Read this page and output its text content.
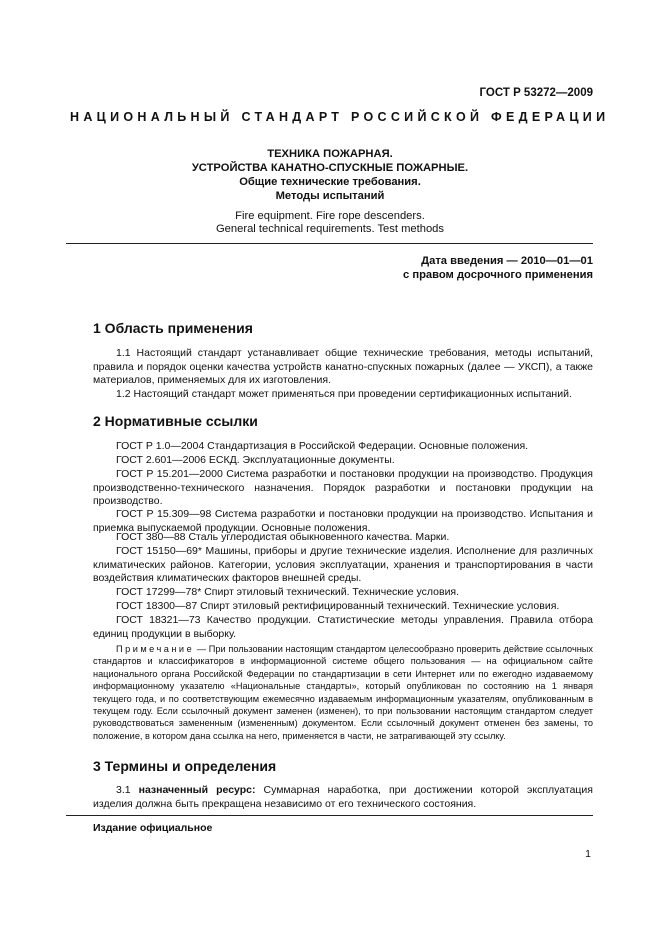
ГОСТ Р 53272—2009
НАЦИОНАЛЬНЫЙ СТАНДАРТ РОССИЙСКОЙ ФЕДЕРАЦИИ
ТЕХНИКА ПОЖАРНАЯ.
УСТРОЙСТВА КАНАТНО-СПУСКНЫЕ ПОЖАРНЫЕ.
Общие технические требования.
Методы испытаний
Fire equipment. Fire rope descenders.
General technical requirements. Test methods
Дата введения — 2010—01—01
с правом досрочного применения
1 Область применения

1.1 Настоящий стандарт устанавливает общие технические требования, методы испытаний, правила и порядок оценки качества устройств канатно-спускных пожарных (далее — УКСП), а также материалов, применяемых для их изготовления.

1.2 Настоящий стандарт может применяться при проведении сертификационных испытаний.

2 Нормативные ссылки

ГОСТ Р 1.0—2004 Стандартизация в Российской Федерации. Основные положения.

ГОСТ 2.601—2006 ЕСКД. Эксплуатационные документы.

ГОСТ Р 15.201—2000 Система разработки и постановки продукции на производство. Продукция производственно-технического назначения. Порядок разработки и постановки продукции на производство.

ГОСТ Р 15.309—98 Система разработки и постановки продукции на производство. Испытания и приемка выпускаемой продукции. Основные положения.

ГОСТ 380—88 Сталь углеродистая обыкновенного качества. Марки.

ГОСТ 15150—69* Машины, приборы и другие технические изделия. Исполнение для различных климатических районов. Категории, условия эксплуатации, хранения и транспортирования в части воздействия климатических факторов внешней среды.

ГОСТ 17299—78* Спирт этиловый технический. Технические условия.

ГОСТ 18300—87 Спирт этиловый ректифицированный технический. Технические условия.

ГОСТ 18321—73 Качество продукции. Статистические методы управления. Правила отбора единиц продукции в выборку.

Примечание — При пользовании настоящим стандартом целесообразно проверить действие ссылочных стандартов и классификаторов в информационной системе общего пользования — на официальном сайте национального органа Российской Федерации по стандартизации в сети Интернет или по ежегодно издаваемому информационному указателю «Национальные стандарты», который опубликован по состоянию на 1 января текущего года, и по соответствующим ежемесячно издаваемым информационным указателям, опубликованным в текущем году. Если ссылочный документ заменен (изменен), то при пользовании настоящим стандартом следует руководствоваться замененным (измененным) документом. Если ссылочный документ отменен без замены, то положение, в котором дана ссылка на него, применяется в части, не затрагивающей эту ссылку.

3 Термины и определения

3.1 назначенный ресурс: Суммарная наработка, при достижении которой эксплуатация изделия должна быть прекращена независимо от его технического состояния.

Издание официальное
1
